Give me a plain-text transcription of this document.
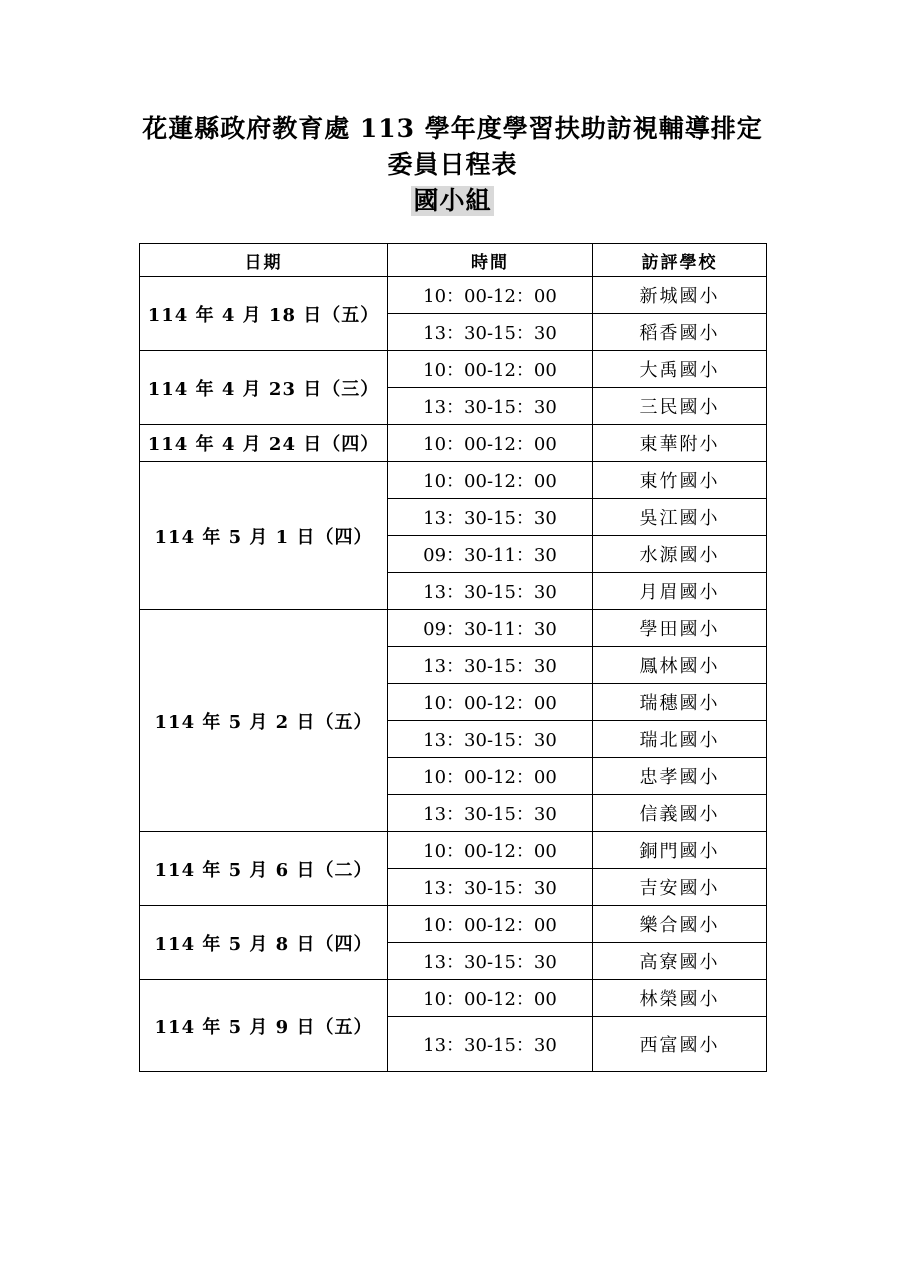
花蓮縣政府教育處 113 學年度學習扶助訪視輔導排定
委員日程表
國小組
日期	時間	訪評學校
114 年 4 月 18 日（五）	10：00-12：00	新城國小
	13：30-15：30	稻香國小
114 年 4 月 23 日（三）	10：00-12：00	大禹國小
	13：30-15：30	三民國小
114 年 4 月 24 日（四）	10：00-12：00	東華附小
114 年 5 月 1 日（四）	10：00-12：00	東竹國小
	13：30-15：30	吳江國小
	09：30-11：30	水源國小
	13：30-15：30	月眉國小
114 年 5 月 2 日（五）	09：30-11：30	學田國小
	13：30-15：30	鳳林國小
	10：00-12：00	瑞穗國小
	13：30-15：30	瑞北國小
	10：00-12：00	忠孝國小
	13：30-15：30	信義國小
114 年 5 月 6 日（二）	10：00-12：00	銅門國小
	13：30-15：30	吉安國小
114 年 5 月 8 日（四）	10：00-12：00	樂合國小
	13：30-15：30	高寮國小
114 年 5 月 9 日（五）	10：00-12：00	林榮國小
	13：30-15：30	西富國小
